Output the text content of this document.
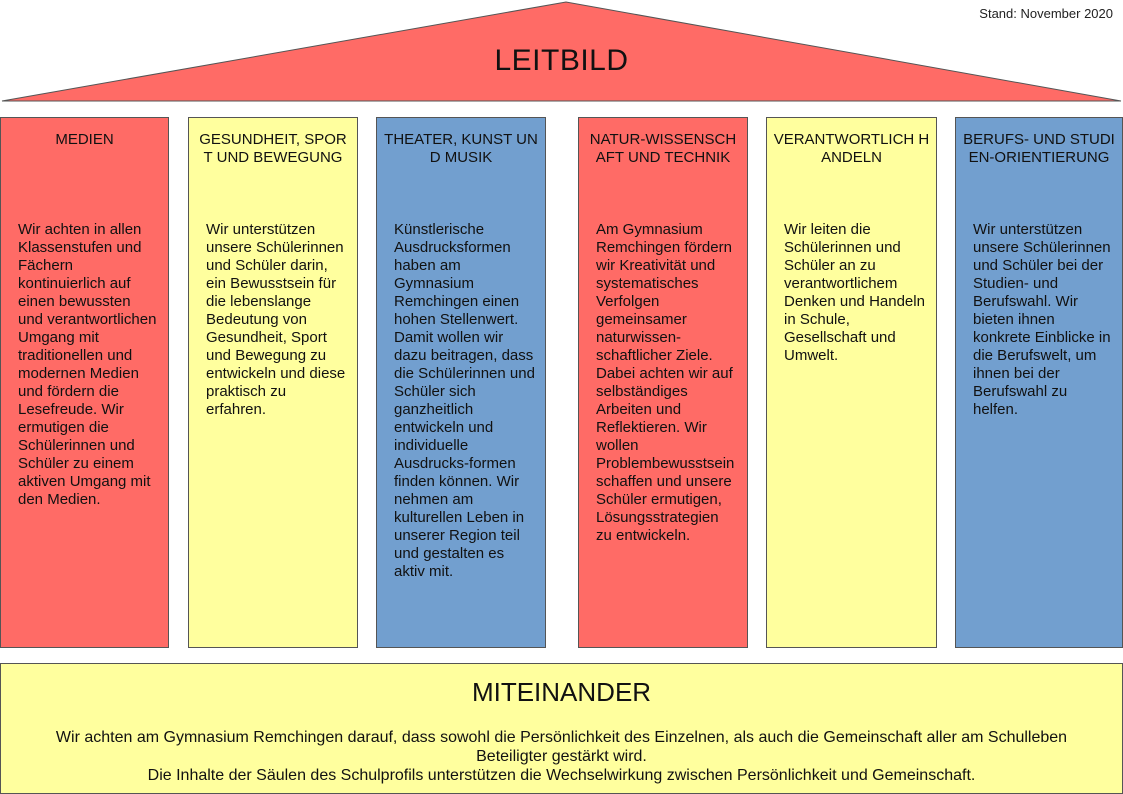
Stand: November 2020
LEITBILD
MEDIEN
Wir achten in allen Klassenstufen und Fächern kontinuierlich auf einen bewussten und verantwortlichen Umgang mit traditionellen und modernen Medien und fördern die Lesefreude. Wir ermutigen die Schülerinnen und Schüler zu einem aktiven Umgang mit den Medien.
GESUNDHEIT, SPORT UND BEWEGUNG
Wir unterstützen unsere Schülerinnen und Schüler darin, ein Bewusstsein für die lebenslange Bedeutung von Gesundheit, Sport und Bewegung zu entwickeln und diese praktisch zu erfahren.
THEATER, KUNST UND MUSIK
Künstlerische Ausdrucksformen haben am Gymnasium Remchingen einen hohen Stellenwert. Damit wollen wir dazu beitragen, dass die Schülerinnen und Schüler sich ganzheitlich entwickeln und individuelle Ausdrucks-formen finden können. Wir nehmen am kulturellen Leben in unserer Region teil und gestalten es aktiv mit.
NATUR-WISSENSCHAFT UND TECHNIK
Am Gymnasium Remchingen fördern wir Kreativität und systematisches Verfolgen gemeinsamer naturwissen-schaftlicher Ziele. Dabei achten wir auf selbständiges Arbeiten und Reflektieren. Wir wollen Problembewusstsein schaffen und unsere Schüler ermutigen, Lösungsstrategien zu entwickeln.
VERANTWORTLICH HANDELN
Wir leiten die Schülerinnen und Schüler an zu verantwortlichem Denken und Handeln in Schule, Gesellschaft und Umwelt.
BERUFS- UND STUDIEN-ORIENTIERUNG
Wir unterstützen unsere Schülerinnen und Schüler bei der Studien- und Berufswahl. Wir bieten ihnen konkrete Einblicke in die Berufswelt, um ihnen bei der Berufswahl zu helfen.
MITEINANDER
Wir achten am Gymnasium Remchingen darauf, dass sowohl die Persönlichkeit des Einzelnen, als auch die Gemeinschaft aller am Schulleben Beteiligter gestärkt wird.
Die Inhalte der Säulen des Schulprofils unterstützen die Wechselwirkung zwischen Persönlichkeit und Gemeinschaft.
